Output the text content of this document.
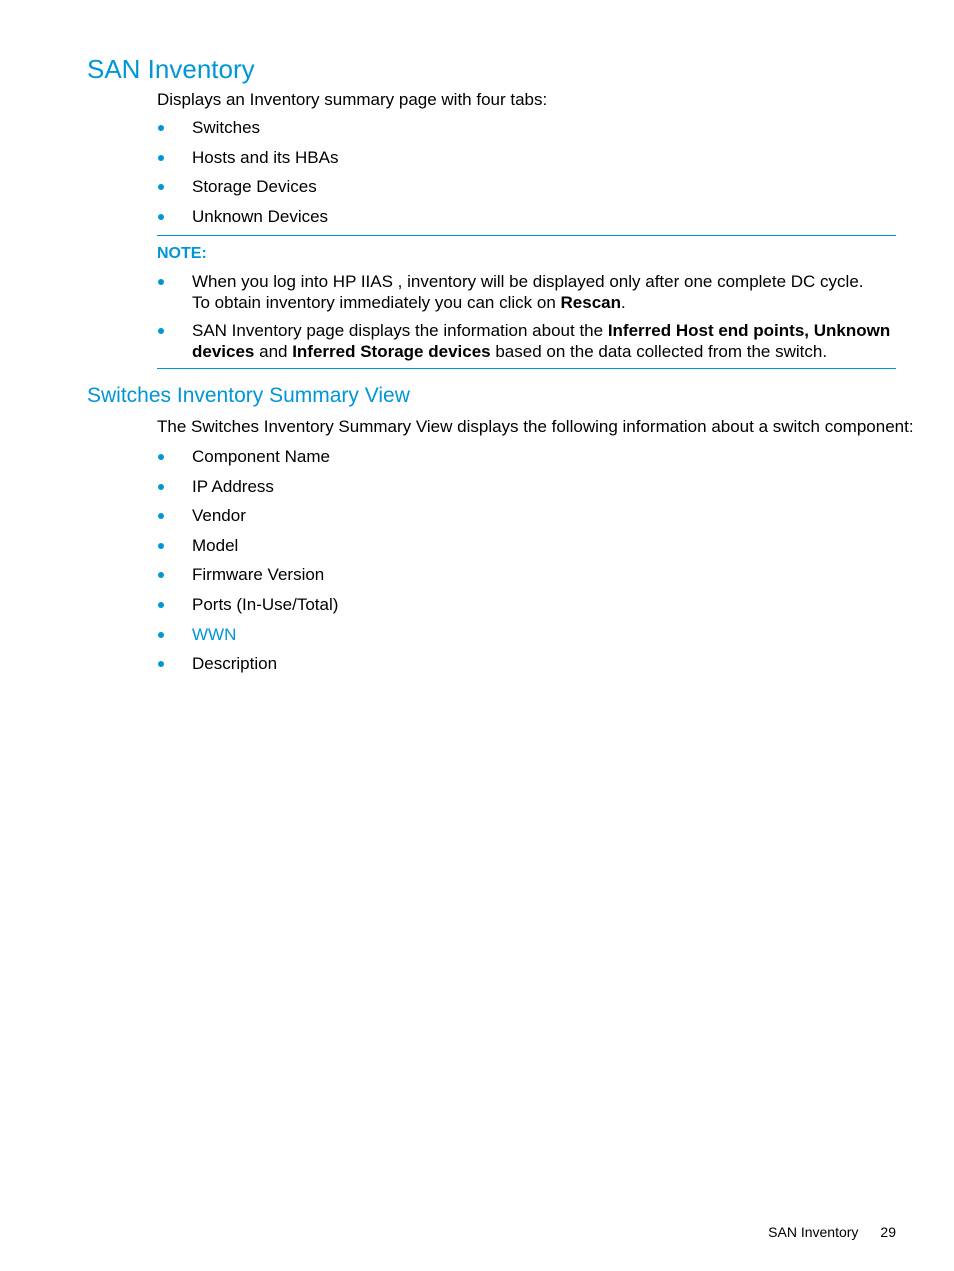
SAN Inventory

Displays an Inventory summary page with four tabs:

Switches
Hosts and its HBAs
Storage Devices
Unknown Devices
NOTE:
When you log into HP IIAS , inventory will be displayed only after one complete DC cycle.
To obtain inventory immediately you can click on Rescan.
SAN Inventory page displays the information about the Inferred Host end points, Unknown
devices and Inferred Storage devices based on the data collected from the switch.
Switches Inventory Summary View

The Switches Inventory Summary View displays the following information about a switch component:

Component Name
IP Address
Vendor
Model
Firmware Version
Ports (In-Use/Total)
WWN
Description
SAN Inventory 29
